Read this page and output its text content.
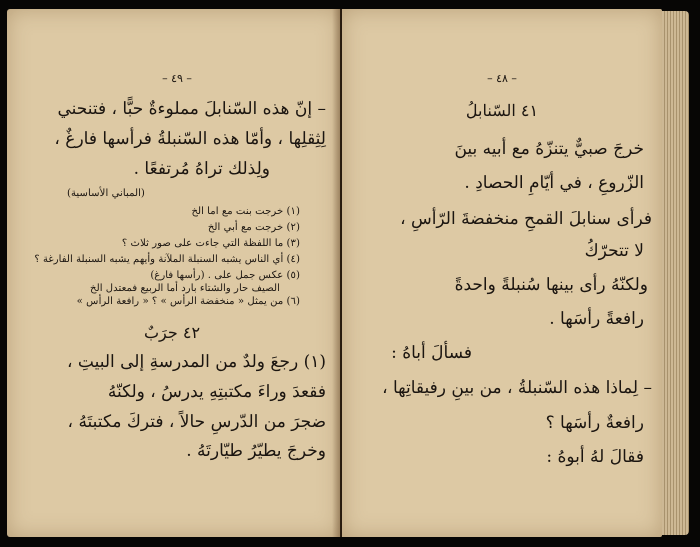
– ٤٩ –
– إنّ هذه السّنابلَ مملوءةٌ حبًّا ، فتنحني
لِثِقلِها ، وأمّا هذه السّنبلةُ فرأسها فارغٌ ،
ولِذلك تراهُ مُرتفعًا .
(المباني الأساسية)
(١) خرجت بنت مع اما الخ
(٢) خرجت مع أبي الخ
(٣) ما اللفظة التي جاءت على صور ثلاث ؟
(٤) أي الناس يشبه السنبلة الملآنة وأيهم يشبه السنبلة الفارغة ؟
(٥) عكس جمل على . (رأسها فارغ)
الصيف حار والشتاء بارد أما الربيع فمعتدل الخ
(٦) من يمثل « منخفضة الرأس » ؟ « رافعة الرأس »
٤٢ جرَبٌ
(١) رجعَ ولدٌ من المدرسةِ إلى البيتِ ،
فقعدَ وراءَ مكتبتِهِ يدرسُ ، ولكنّهُ
ضجرَ من الدّرسِ حالاً ، فتركَ مكتبتَهُ ،
وخرجَ يطيّرُ طيّارتَهُ .
– ٤٨ –
٤١ السّنابلُ
خرجَ صبيٌّ يتنزّهُ مع أبيه بينَ
الزّروعِ ، في أيّامِ الحصادِ .
فرأى سنابلَ القمحِ منخفضةَ الرّأسِ ،
لا تتحرّكُ
ولكنّهُ رأى بينها سُنبلةً واحدةً
رافعةً رأسَها .
فسألَ أباهُ :
– لِماذا هذه السّنبلةُ ، من بينِ رفيقاتِها ،
رافعةٌ رأسَها ؟
فقالَ لهُ أبوهُ :
